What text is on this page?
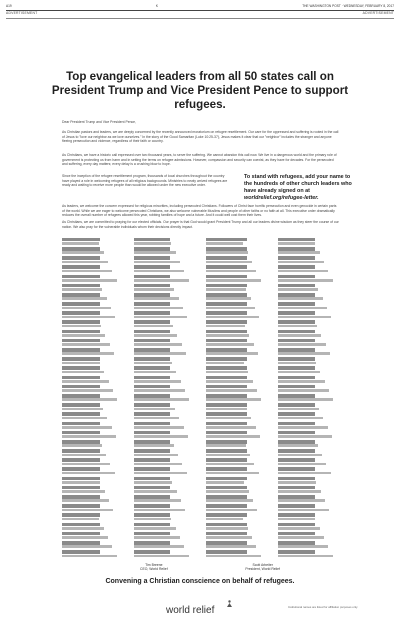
A19	K	THE WASHINGTON POST · WEDNESDAY, FEBRUARY 8, 2017
ADVERTISEMENT	ADVERTISEMENT
Top evangelical leaders from all 50 states call on President Trump and Vice President Pence to support refugees.
Dear President Trump and Vice President Pence,
As Christian pastors and leaders, we are deeply concerned by the recently announced moratorium on refugee resettlement. Our care for the oppressed and suffering is rooted in the call of Jesus to "love our neighbor as we love ourselves." In the story of the Good Samaritan (Luke 10:25-37), Jesus makes it clear that our "neighbor" includes the stranger and anyone fleeing persecution and violence, regardless of their faith or country.
As Christians, we have a historic call expressed over two thousand years, to serve the suffering. We cannot abandon this call now. We live in a dangerous world and the primary role of government is protecting us from harm and in setting the terms on refugee admissions. However, compassion and security can coexist, as they have for decades. For the persecuted and suffering, every day matters; every delay is a crushing blow to hope.
Since the inception of the refugee resettlement program, thousands of local churches throughout the country have played a role in welcoming refugees of all religious backgrounds. Ministries to newly arrived refugees are ready and waiting to receive more people than would be allowed under the new executive order.
To stand with refugees, add your name to the hundreds of other church leaders who have already signed on at worldrelief.org/refugee-letter.
As leaders, we welcome the concern expressed for religious minorities, including persecuted Christians. Followers of Christ face horrific persecution and even genocide in certain parts of the world. While we are eager to welcome persecuted Christians, we also welcome vulnerable Muslims and people of other faiths or no faith at all. This executive order dramatically reduces the overall number of refugees allowed this year, robbing families of hope and a future. And it could well cost them their lives.
As Christians, we are committed to praying for our elected officials. Our prayer is that God would grant President Trump and all our leaders divine wisdom as they steer the course of our nation. We also pray for the vulnerable individuals whom their decisions directly impact.
Tim Breene
CEO, World Relief
Scott Arbeiter
President, World Relief
Convening a Christian conscience on behalf of refugees.
world relief	Institutional names are listed for affiliation purposes only.
